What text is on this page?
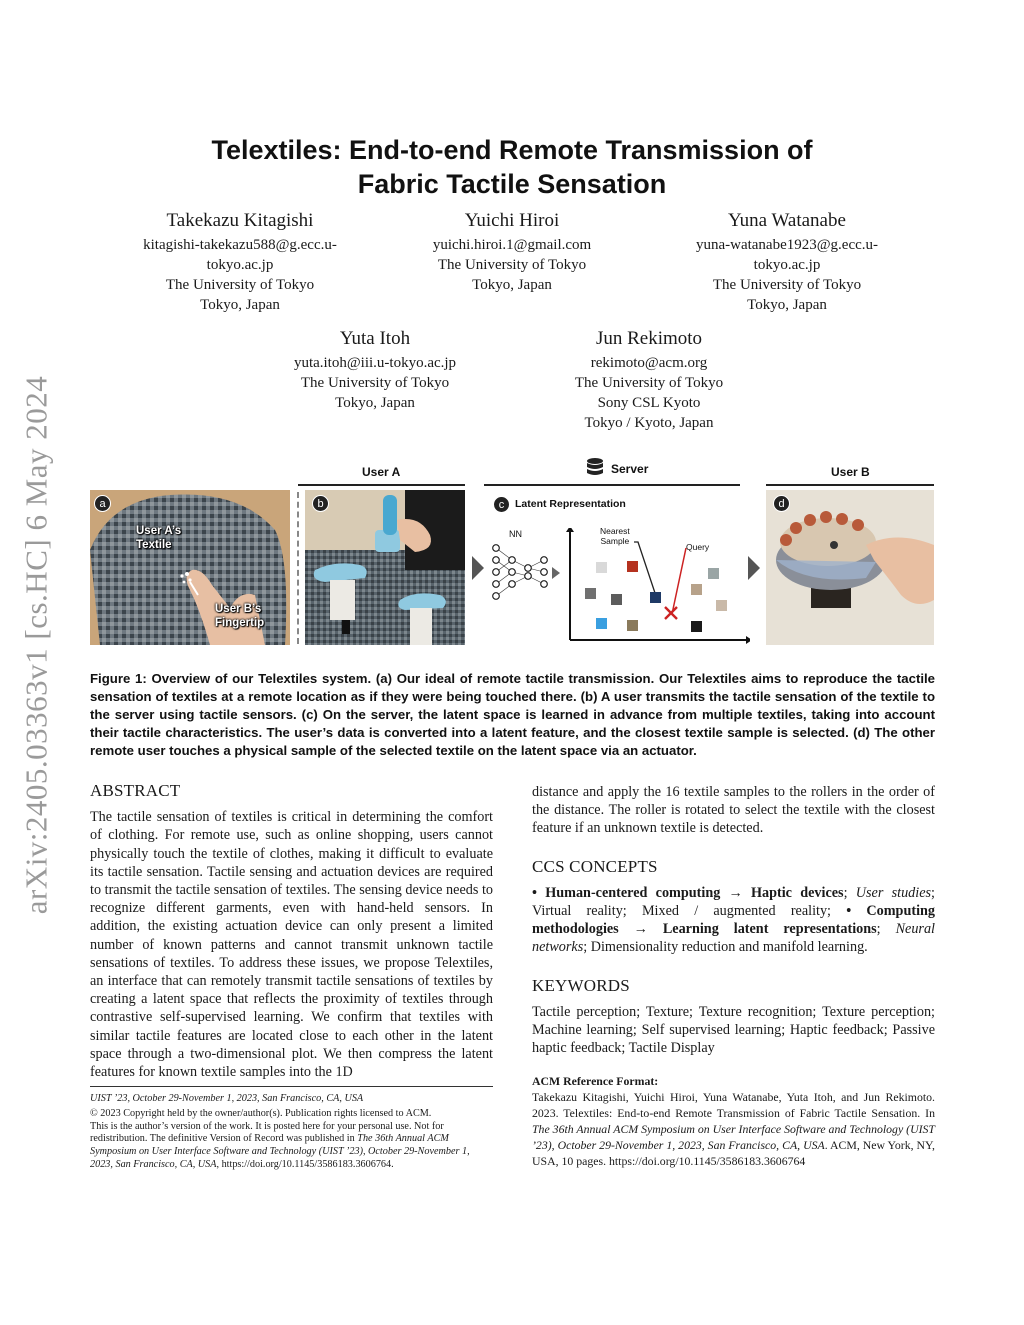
arXiv:2405.03363v1 [cs.HC] 6 May 2024
Telextiles: End-to-end Remote Transmission of
Fabric Tactile Sensation
Takekazu Kitagishi
kitagishi-takekazu588@g.ecc.u-
tokyo.ac.jp
The University of Tokyo
Tokyo, Japan
Yuichi Hiroi
yuichi.hiroi.1@gmail.com
The University of Tokyo
Tokyo, Japan
Yuna Watanabe
yuna-watanabe1923@g.ecc.u-
tokyo.ac.jp
The University of Tokyo
Tokyo, Japan
Yuta Itoh
yuta.itoh@iii.u-tokyo.ac.jp
The University of Tokyo
Tokyo, Japan
Jun Rekimoto
rekimoto@acm.org
The University of Tokyo
Sony CSL Kyoto
Tokyo / Kyoto, Japan
User A	Server	User B
a
User A’s
Textile
User B’s
Fingertip
b	c	Latent Representation
NN	Nearest
Sample
Query
d
Figure 1: Overview of our Telextiles system. (a) Our ideal of remote tactile transmission. Our Telextiles aims to reproduce the tactile sensation of textiles at a remote location as if they were being touched there. (b) A user transmits the tactile sensation of the textile to the server using tactile sensors. (c) On the server, the latent space is learned in advance from multiple textiles, taking into account their tactile characteristics. The user’s data is converted into a latent feature, and the closest textile sample is selected. (d) The other remote user touches a physical sample of the selected textile on the latent space via an actuator.
ABSTRACT
The tactile sensation of textiles is critical in determining the comfort of clothing. For remote use, such as online shopping, users cannot physically touch the textile of clothes, making it difficult to evaluate its tactile sensation. Tactile sensing and actuation devices are required to transmit the tactile sensation of textiles. The sensing device needs to recognize different garments, even with hand-held sensors. In addition, the existing actuation device can only present a limited number of known patterns and cannot transmit unknown tactile sensations of textiles. To address these issues, we propose Telextiles, an interface that can remotely transmit tactile sensations of textiles by creating a latent space that reflects the proximity of textiles through contrastive self-supervised learning. We confirm that textiles with similar tactile features are located close to each other in the latent space through a two-dimensional plot. We then compress the latent features for known textile samples into the 1D
UIST ’23, October 29-November 1, 2023, San Francisco, CA, USA
© 2023 Copyright held by the owner/author(s). Publication rights licensed to ACM.
This is the author’s version of the work. It is posted here for your personal use. Not for redistribution. The definitive Version of Record was published in The 36th Annual ACM Symposium on User Interface Software and Technology (UIST ’23), October 29-November 1, 2023, San Francisco, CA, USA, https://doi.org/10.1145/3586183.3606764.
distance and apply the 16 textile samples to the rollers in the order of the distance. The roller is rotated to select the textile with the closest feature if an unknown textile is detected.
CCS CONCEPTS
• Human-centered computing → Haptic devices; User studies; Virtual reality; Mixed / augmented reality; • Computing methodologies → Learning latent representations; Neural networks; Dimensionality reduction and manifold learning.
KEYWORDS
Tactile perception; Texture; Texture recognition; Texture perception; Machine learning; Self supervised learning; Haptic feedback; Passive haptic feedback; Tactile Display
ACM Reference Format:
Takekazu Kitagishi, Yuichi Hiroi, Yuna Watanabe, Yuta Itoh, and Jun Rekimoto. 2023. Telextiles: End-to-end Remote Transmission of Fabric Tactile Sensation. In The 36th Annual ACM Symposium on User Interface Software and Technology (UIST ’23), October 29-November 1, 2023, San Francisco, CA, USA. ACM, New York, NY, USA, 10 pages. https://doi.org/10.1145/3586183.3606764
